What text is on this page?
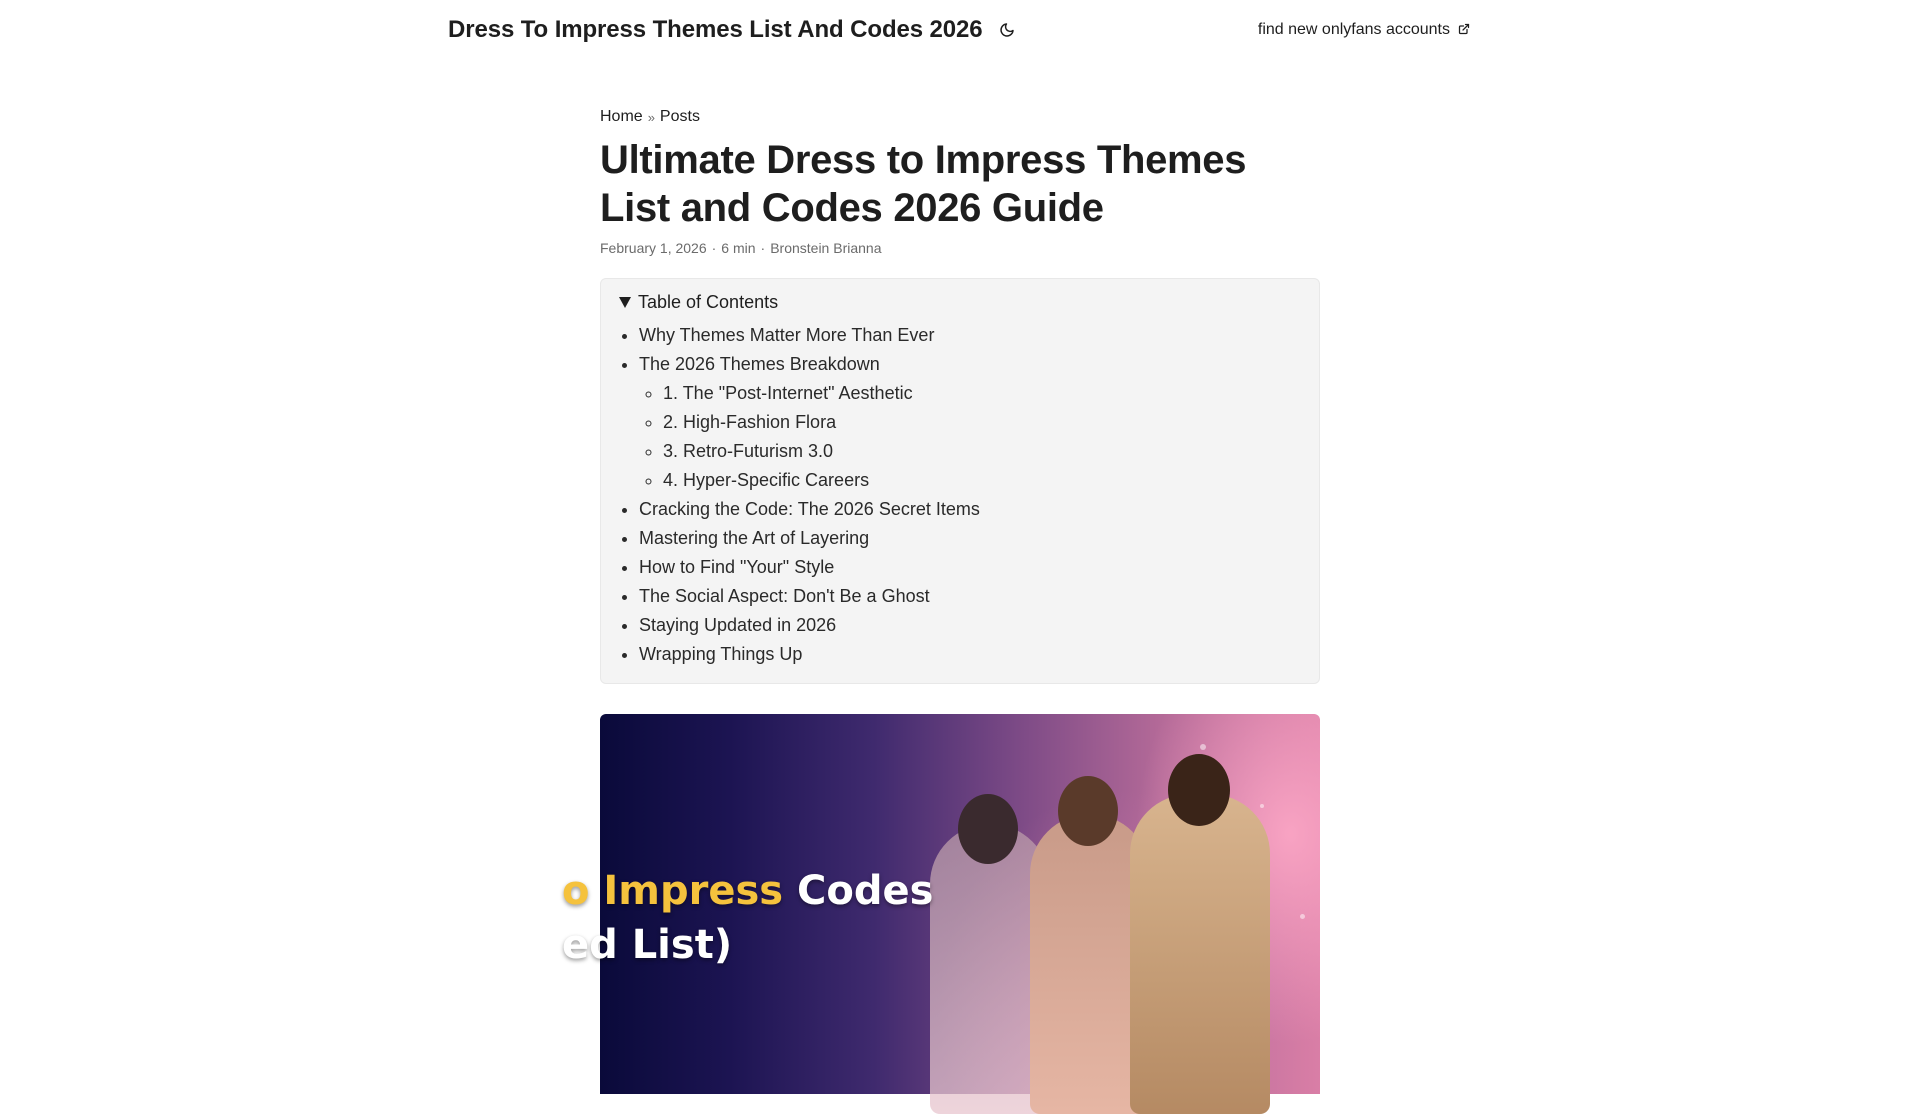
Dress To Impress Themes List And Codes 2026	find new onlyfans accounts
Home » Posts
Ultimate Dress to Impress Themes List and Codes 2026 Guide
February 1, 2026 · 6 min · Bronstein Brianna
Table of Contents
• Why Themes Matter More Than Ever
• The 2026 Themes Breakdown
◦ 1. The "Post-Internet" Aesthetic
◦ 2. High-Fashion Flora
◦ 3. Retro-Futurism 3.0
◦ 4. Hyper-Specific Careers
• Cracking the Code: The 2026 Secret Items
• Mastering the Art of Layering
• How to Find "Your" Style
• The Social Aspect: Don't Be a Ghost
• Staying Updated in 2026
• Wrapping Things Up
o Impress Codes
ed List)
